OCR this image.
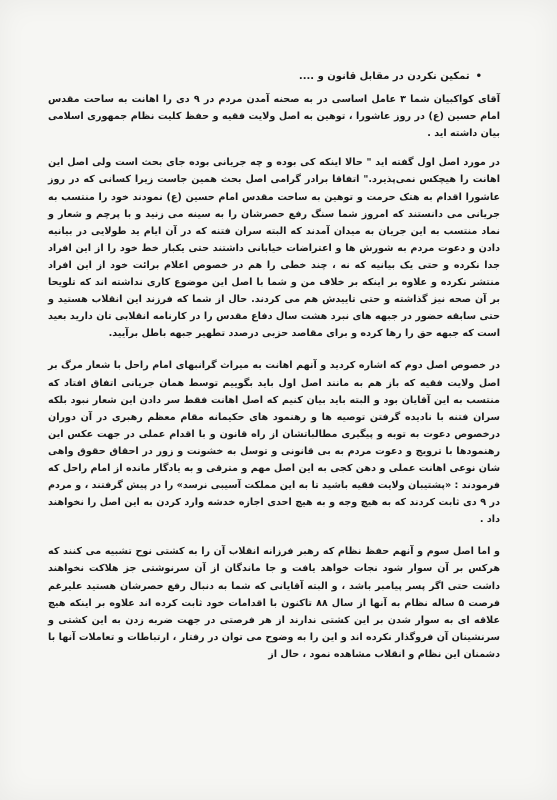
•
تمکین نکردن در مقابل قانون و ....

آقای کواکبیان شما ۳ عامل اساسی در به صحنه آمدن مردم در ۹ دی را اهانت به ساحت مقدس امام حسین (ع) در روز عاشورا ، توهین به اصل ولایت فقیه و حفظ کلیت نظام جمهوری اسلامی بیان داشته اید .

در مورد اصل اول گفته اید " حالا اینکه کی بوده و چه جریانی بوده جای بحث است ولی اصل این اهانت را هیچکس نمی‌پذیرد." اتفاقا برادر گرامی اصل بحث همین جاست زیرا کسانی که در روز عاشورا اقدام به هتک حرمت و توهین به ساحت مقدس امام حسین (ع) نمودند خود را منتسب به جریانی می دانستند که امروز شما سنگ رفع حصرشان را به سینه می زنید و با پرچم و شعار و نماد منتسب به این جریان به میدان آمدند که البته سران فتنه که در آن ایام ید طولایی در بیانیه دادن و دعوت مردم به شورش ها و اعتراضات خیابانی داشتند حتی یکبار خط خود را از این افراد جدا نکرده و حتی یک بیانیه که نه ، چند خطی را هم در خصوص اعلام برائت خود از این افراد منتشر نکرده و علاوه بر اینکه بر خلاف من و شما با اصل این موضوع کاری نداشته اند که تلویحا بر آن صحه نیز گذاشته و حتی تاییدش هم می کردند. حال از شما که فرزند این انقلاب هستید و حتی سابقه حضور در جبهه های نبرد هشت سال دفاع مقدس را در کارنامه انقلابی تان دارید بعید است که جبهه حق را رها کرده و برای مقاصد حزبی درصدد تطهیر جبهه باطل برآیید.

در خصوص اصل دوم که اشاره کردید و آنهم اهانت به میراث گرانبهای امام راحل با شعار مرگ بر اصل ولایت فقیه که باز هم به مانند اصل اول باید بگوییم توسط همان جریانی اتفاق افتاد که منتسب به این آقایان بود و البته باید بیان کنیم که اصل اهانت فقط سر دادن این شعار نبود بلکه سران فتنه با نادیده گرفتن توصیه ها و رهنمود های حکیمانه مقام معظم رهبری در آن دوران درخصوص دعوت به توبه و پیگیری مطالباتشان از راه قانون و با اقدام عملی در جهت عکس این رهنمودها با ترویج و دعوت مردم به بی قانونی و توسل به خشونت و زور در احقاق حقوق واهی شان نوعی اهانت عملی و دهن کجی به این اصل مهم و مترقی و به یادگار مانده از امام راحل که فرمودند : «پشتیبان ولایت فقیه باشید تا به این مملکت آسیبی نرسد» را در پیش گرفتند ، و مردم در ۹ دی ثابت کردند که به هیچ وجه و به هیچ احدی اجازه خدشه وارد کردن به این اصل را نخواهند داد .

و اما اصل سوم و آنهم حفظ نظام که رهبر فرزانه انقلاب آن را به کشتی نوح تشبیه می کنند که هرکس بر آن سوار شود نجات خواهد یافت و جا ماندگان از آن سرنوشتی جز هلاکت نخواهند داشت حتی اگر پسر پیامبر باشد ، و البته آقایانی که شما به دنبال رفع حصرشان هستید علیرغم فرصت ۵ ساله نظام به آنها از سال ۸۸ تاکنون با اقدامات خود ثابت کرده اند علاوه بر اینکه هیچ علاقه ای به سوار شدن بر این کشتی ندارند از هر فرصتی در جهت ضربه زدن به این کشتی و سرنشینان آن فروگذار نکرده اند و این را به وضوح می توان در رفتار ، ارتباطات و تعاملات آنها با دشمنان این نظام و انقلاب مشاهده نمود ، حال از
